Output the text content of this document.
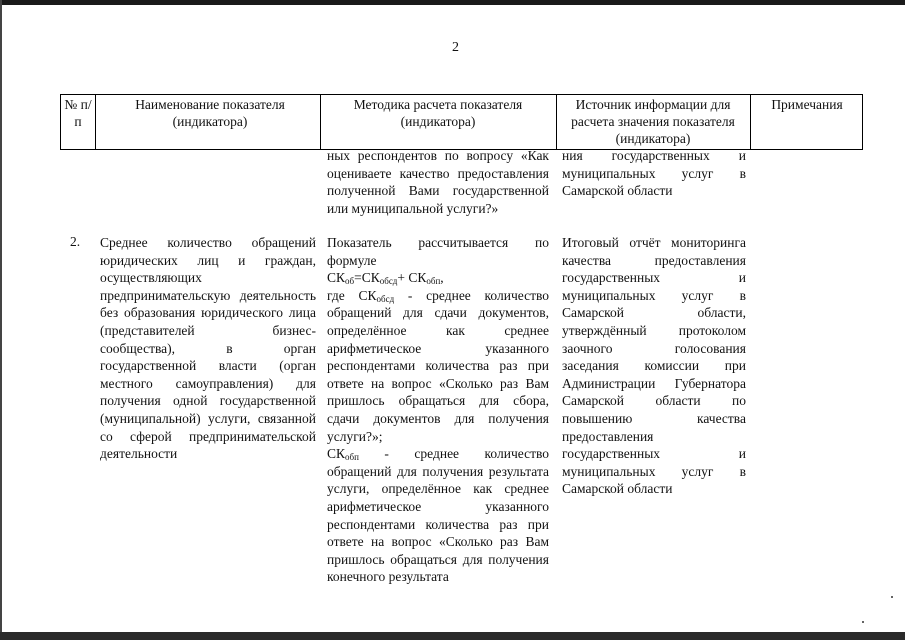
2
№ п/п
Наименование показателя (индикатора)
Методика расчета показателя (индикатора)
Источник информации для расчета значения показателя (индикатора)
Примечания

ных респондентов по вопросу «Как оцениваете качество предоставления полученной Вами государственной или муниципальной услуги?»

ния государственных и муниципальных услуг в Самарской области

2. Среднее количество обращений юридических лиц и граждан, осуществляющих предпринимательскую деятельность без образования юридического лица (представителей бизнес-сообщества), в орган государственной власти (орган местного самоуправления) для получения одной государственной (муниципальной) услуги, связанной со сферой предпринимательской деятельности

Показатель рассчитывается по формуле

$СК_{об}=СК_{обсд}+ СК_{обп}$,

где $СК_{обсд}$ - среднее количество обращений для сдачи документов, определённое как среднее арифметическое указанного респондентами количества раз при ответе на вопрос «Сколько раз Вам пришлось обращаться для сбора, сдачи документов для получения услуги?»;

$СК_{обп}$ - среднее количество обращений для получения результата услуги, определённое как среднее арифметическое указанного респондентами количества раз при ответе на вопрос «Сколько раз Вам пришлось обращаться для получения конечного результата

Итоговый отчёт мониторинга качества предоставления государственных и муниципальных услуг в Самарской области, утверждённый протоколом заочного голосования заседания комиссии при Администрации Губернатора Самарской области по повышению качества предоставления государственных и муниципальных услуг в Самарской области
